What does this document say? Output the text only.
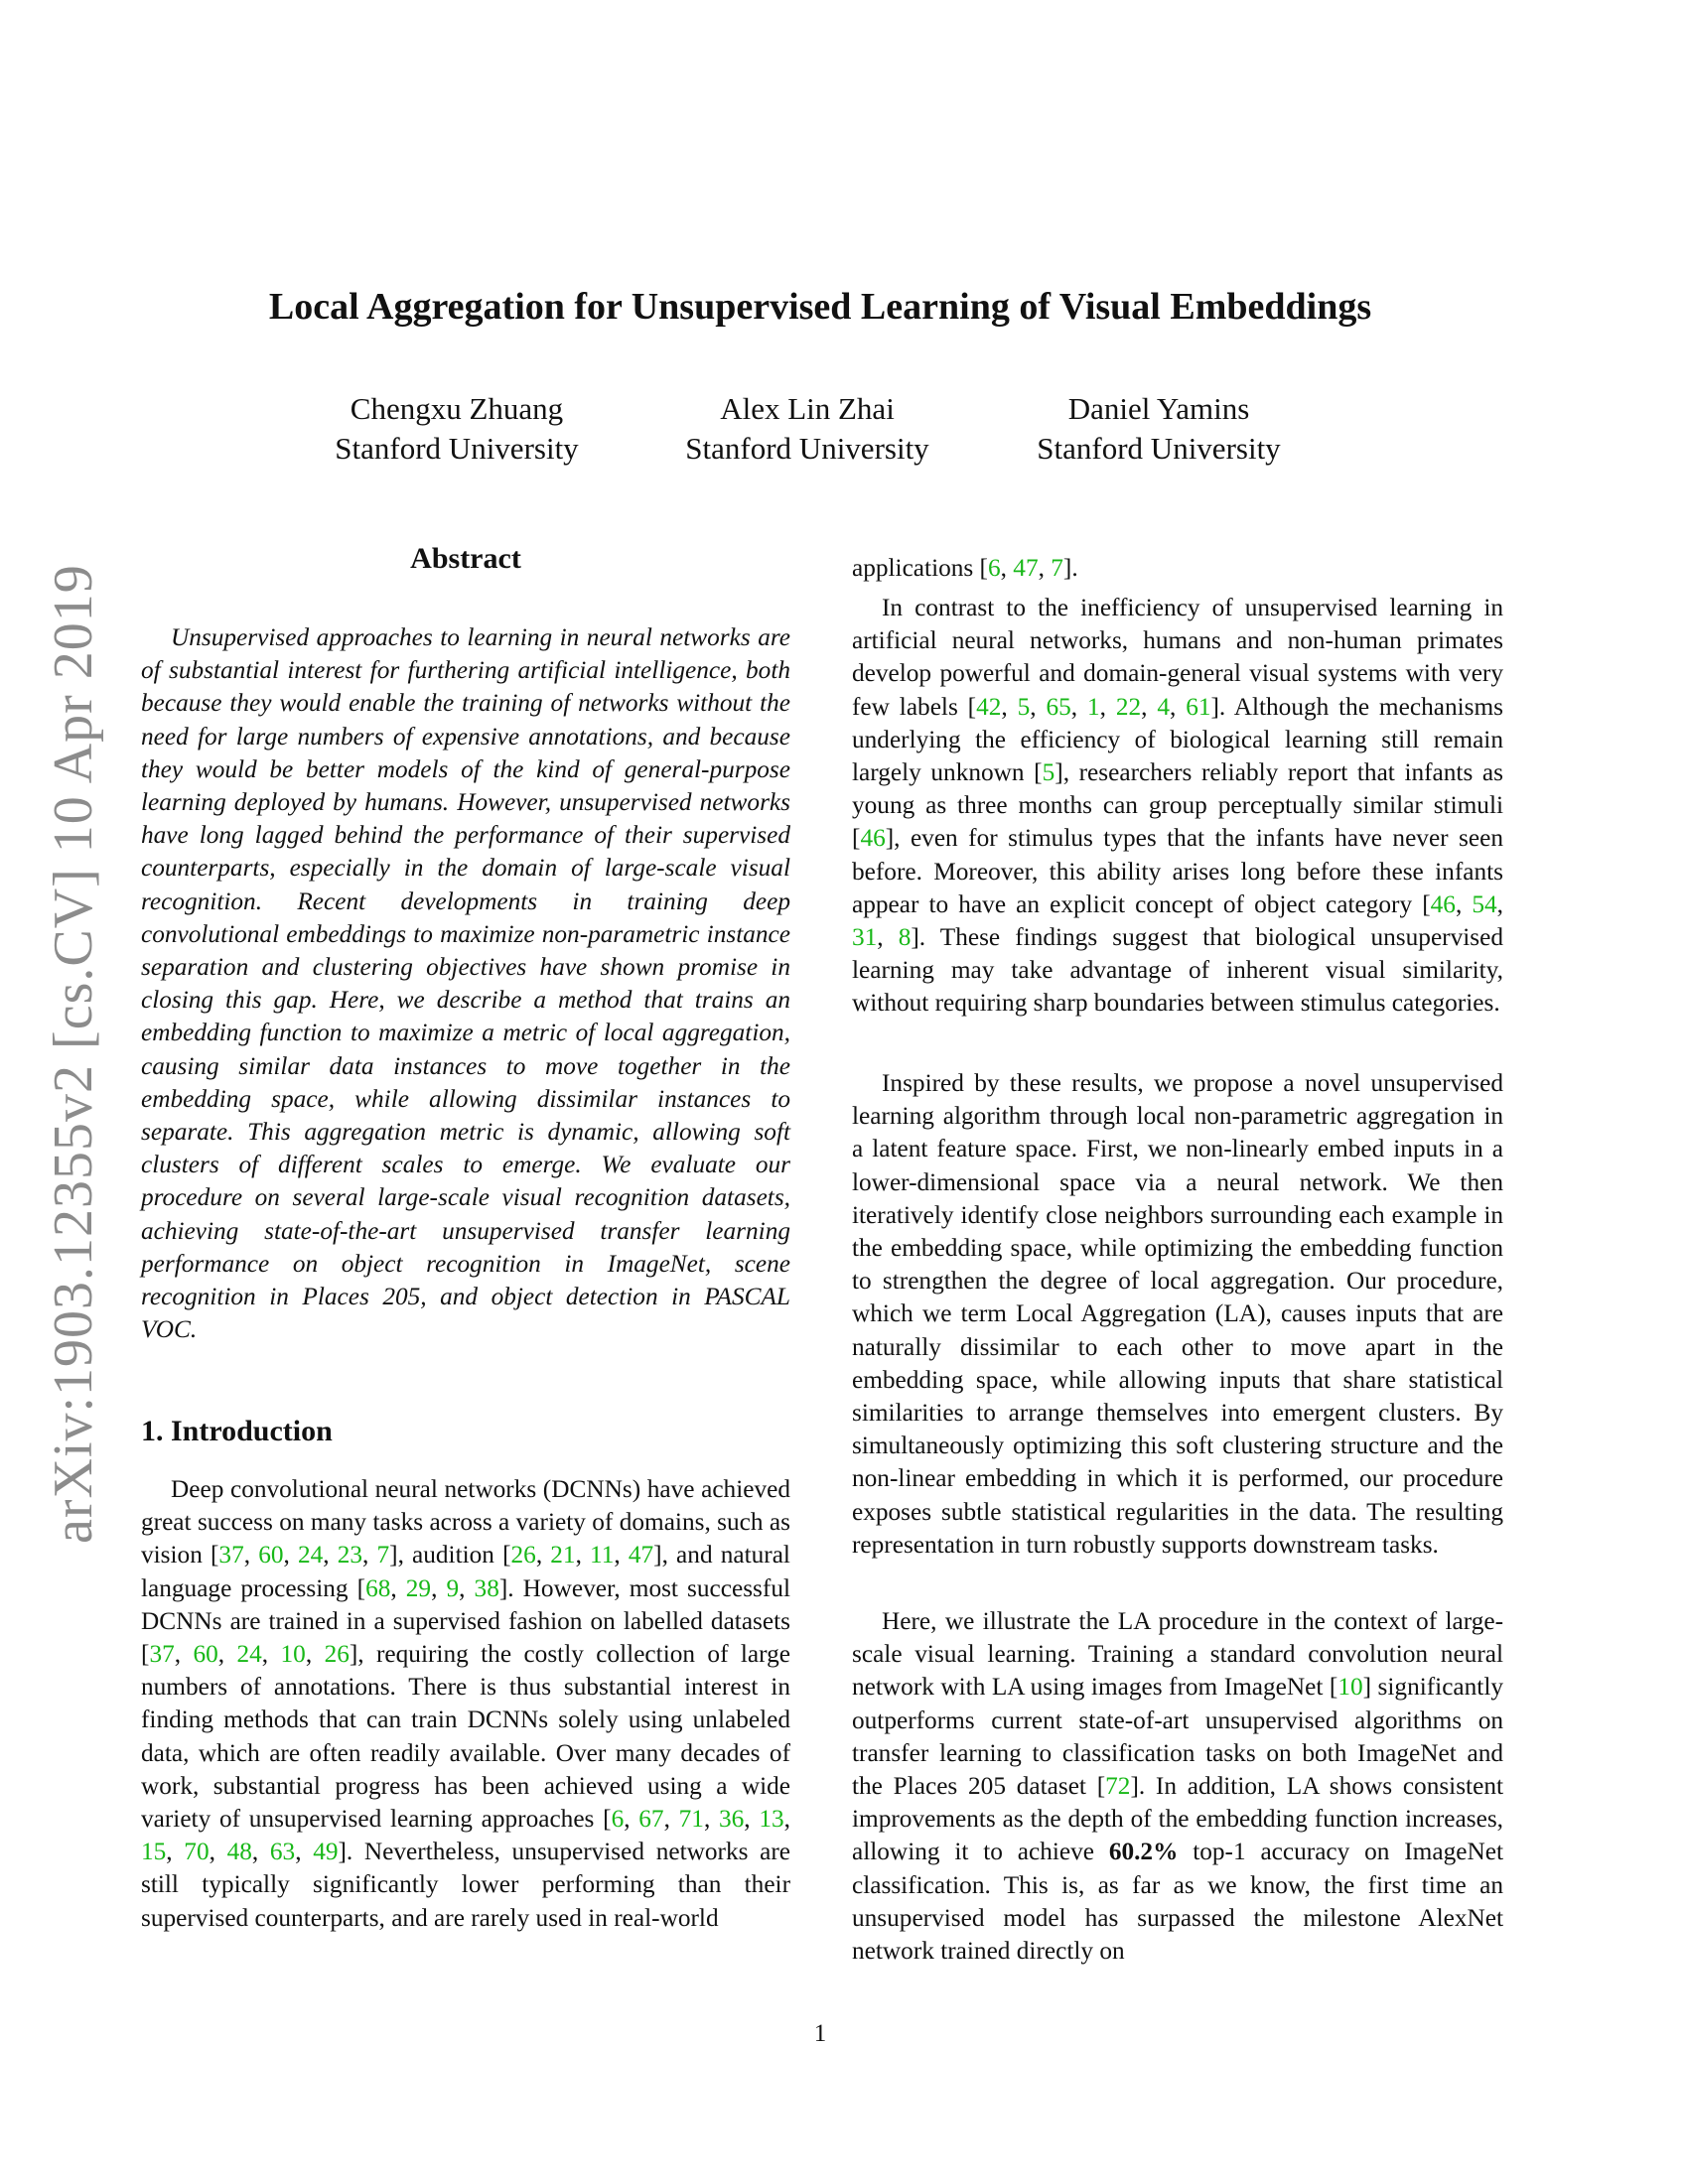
arXiv:1903.12355v2 [cs.CV] 10 Apr 2019
Local Aggregation for Unsupervised Learning of Visual Embeddings
Chengxu Zhuang
Stanford University
Alex Lin Zhai
Stanford University
Daniel Yamins
Stanford University
Abstract

Unsupervised approaches to learning in neural networks are of substantial interest for furthering artificial intelligence, both because they would enable the training of networks without the need for large numbers of expensive annotations, and because they would be better models of the kind of general-purpose learning deployed by humans. However, unsupervised networks have long lagged behind the performance of their supervised counterparts, especially in the domain of large-scale visual recognition. Recent developments in training deep convolutional embeddings to maximize non-parametric instance separation and clustering objectives have shown promise in closing this gap. Here, we describe a method that trains an embedding function to maximize a metric of local aggregation, causing similar data instances to move together in the embedding space, while allowing dissimilar instances to separate. This aggregation metric is dynamic, allowing soft clusters of different scales to emerge. We evaluate our procedure on several large-scale visual recognition datasets, achieving state-of-the-art unsupervised transfer learning performance on object recognition in ImageNet, scene recognition in Places 205, and object detection in PASCAL VOC.

1. Introduction

Deep convolutional neural networks (DCNNs) have achieved great success on many tasks across a variety of domains, such as vision [37, 60, 24, 23, 7], audition [26, 21, 11, 47], and natural language processing [68, 29, 9, 38]. However, most successful DCNNs are trained in a supervised fashion on labelled datasets [37, 60, 24, 10, 26], requiring the costly collection of large numbers of annotations. There is thus substantial interest in finding methods that can train DCNNs solely using unlabeled data, which are often readily available. Over many decades of work, substantial progress has been achieved using a wide variety of unsupervised learning approaches [6, 67, 71, 36, 13, 15, 70, 48, 63, 49]. Nevertheless, unsupervised networks are still typically significantly lower performing than their supervised counterparts, and are rarely used in real-world

applications [6, 47, 7].

In contrast to the inefficiency of unsupervised learning in artificial neural networks, humans and non-human primates develop powerful and domain-general visual systems with very few labels [42, 5, 65, 1, 22, 4, 61]. Although the mechanisms underlying the efficiency of biological learning still remain largely unknown [5], researchers reliably report that infants as young as three months can group perceptually similar stimuli [46], even for stimulus types that the infants have never seen before. Moreover, this ability arises long before these infants appear to have an explicit concept of object category [46, 54, 31, 8]. These findings suggest that biological unsupervised learning may take advantage of inherent visual similarity, without requiring sharp boundaries between stimulus categories.

Inspired by these results, we propose a novel unsupervised learning algorithm through local non-parametric aggregation in a latent feature space. First, we non-linearly embed inputs in a lower-dimensional space via a neural network. We then iteratively identify close neighbors surrounding each example in the embedding space, while optimizing the embedding function to strengthen the degree of local aggregation. Our procedure, which we term Local Aggregation (LA), causes inputs that are naturally dissimilar to each other to move apart in the embedding space, while allowing inputs that share statistical similarities to arrange themselves into emergent clusters. By simultaneously optimizing this soft clustering structure and the non-linear embedding in which it is performed, our procedure exposes subtle statistical regularities in the data. The resulting representation in turn robustly supports downstream tasks.

Here, we illustrate the LA procedure in the context of large-scale visual learning. Training a standard convolution neural network with LA using images from ImageNet [10] significantly outperforms current state-of-art unsupervised algorithms on transfer learning to classification tasks on both ImageNet and the Places 205 dataset [72]. In addition, LA shows consistent improvements as the depth of the embedding function increases, allowing it to achieve 60.2% top-1 accuracy on ImageNet classification. This is, as far as we know, the first time an unsupervised model has surpassed the milestone AlexNet network trained directly on

1
